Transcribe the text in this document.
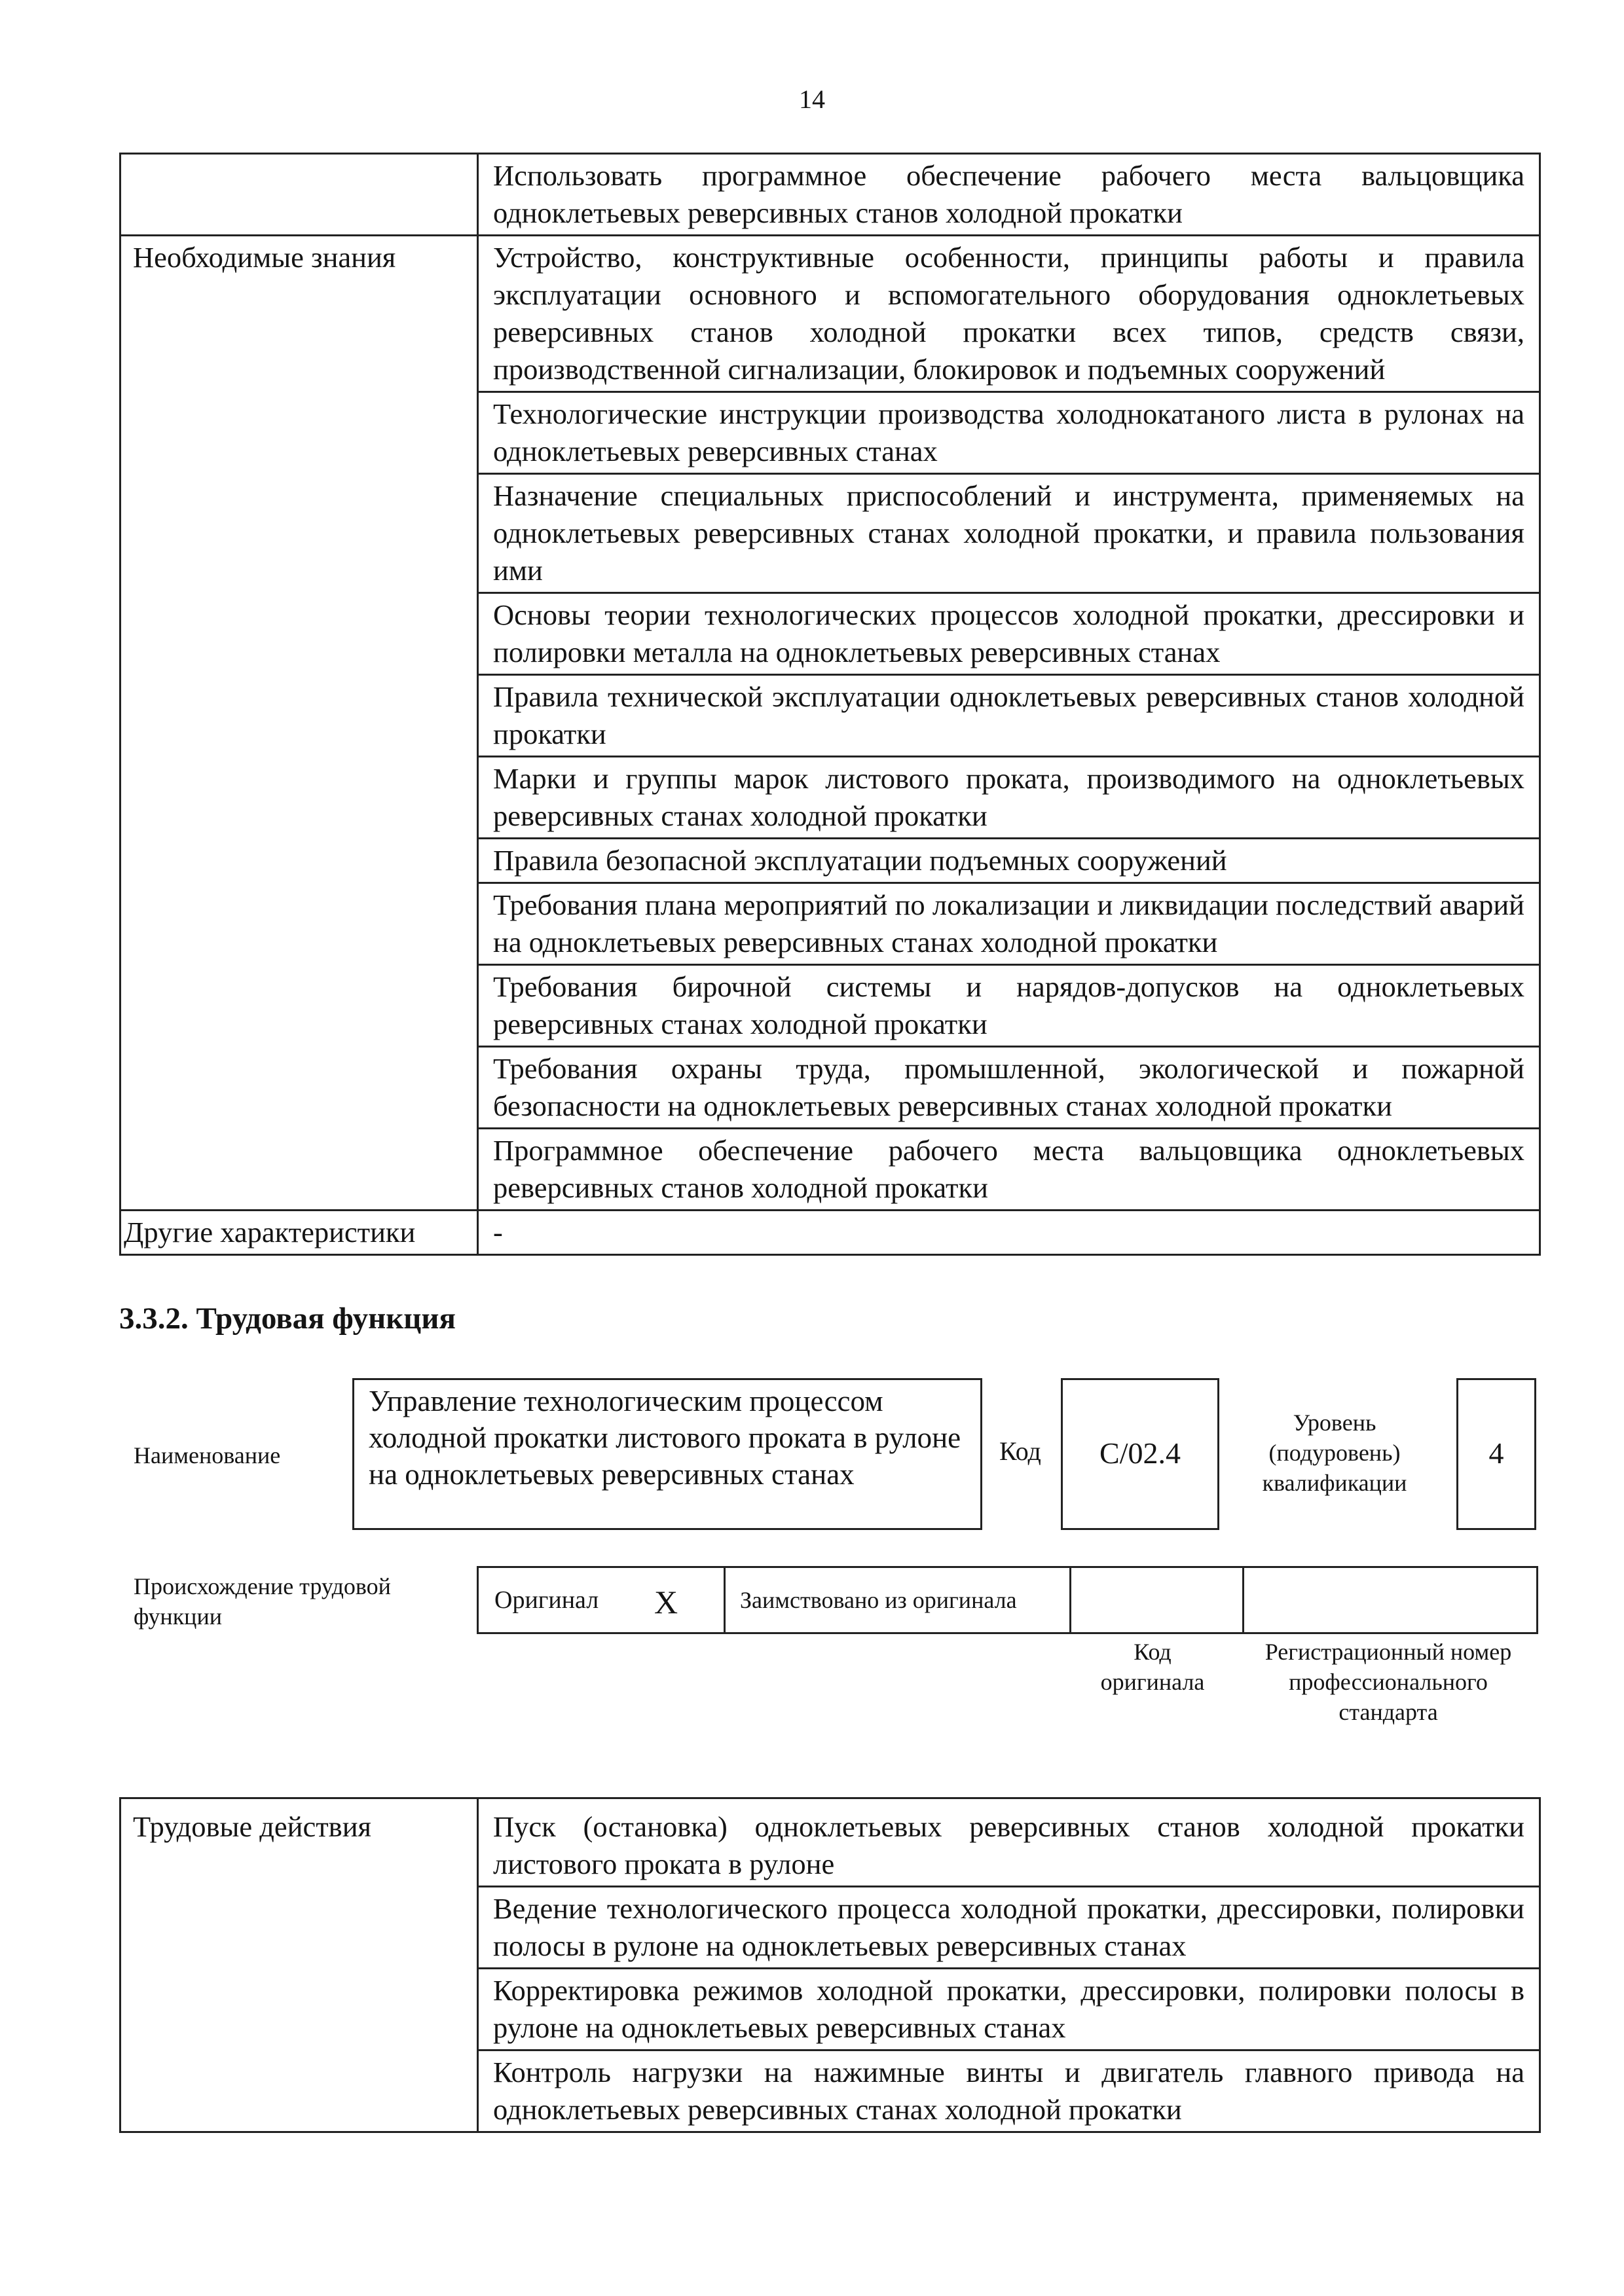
14
	Использовать программное обеспечение рабочего места вальцовщика одноклетьевых реверсивных станов холодной прокатки
Необходимые знания	Устройство, конструктивные особенности, принципы работы и правила эксплуатации основного и вспомогательного оборудования одноклетьевых реверсивных станов холодной прокатки всех типов, средств связи, производственной сигнализации, блокировок и подъемных сооружений
	Технологические инструкции производства холоднокатаного листа в рулонах на одноклетьевых реверсивных станах
	Назначение специальных приспособлений и инструмента, применяемых на одноклетьевых реверсивных станах холодной прокатки, и правила пользования ими
	Основы теории технологических процессов холодной прокатки, дрессировки и полировки металла на одноклетьевых реверсивных станах
	Правила технической эксплуатации одноклетьевых реверсивных станов холодной прокатки
	Марки и группы марок листового проката, производимого на одноклетьевых реверсивных станах холодной прокатки
	Правила безопасной эксплуатации подъемных сооружений
	Требования плана мероприятий по локализации и ликвидации последствий аварий на одноклетьевых реверсивных станах холодной прокатки
	Требования бирочной системы и нарядов-допусков на одноклетьевых реверсивных станах холодной прокатки
	Требования охраны труда, промышленной, экологической и пожарной безопасности на одноклетьевых реверсивных станах холодной прокатки
	Программное обеспечение рабочего места вальцовщика одноклетьевых реверсивных станов холодной прокатки
Другие характеристики	-
3.3.2. Трудовая функция
Наименование
Управление технологическим процессом холодной прокатки листового проката в рулоне на одноклетьевых реверсивных станах
Код	С/02.4
Уровень (подуровень) квалификации
4
Происхождение трудовой функции
Оригинал X	Заимствовано из оригинала		
Код оригинала
Регистрационный номер профессионального стандарта
Трудовые действия	Пуск (остановка) одноклетьевых реверсивных станов холодной прокатки листового проката в рулоне
Ведение технологического процесса холодной прокатки, дрессировки, полировки полосы в рулоне на одноклетьевых реверсивных станах
Корректировка режимов холодной прокатки, дрессировки, полировки полосы в рулоне на одноклетьевых реверсивных станах
Контроль нагрузки на нажимные винты и двигатель главного привода на одноклетьевых реверсивных станах холодной прокатки
